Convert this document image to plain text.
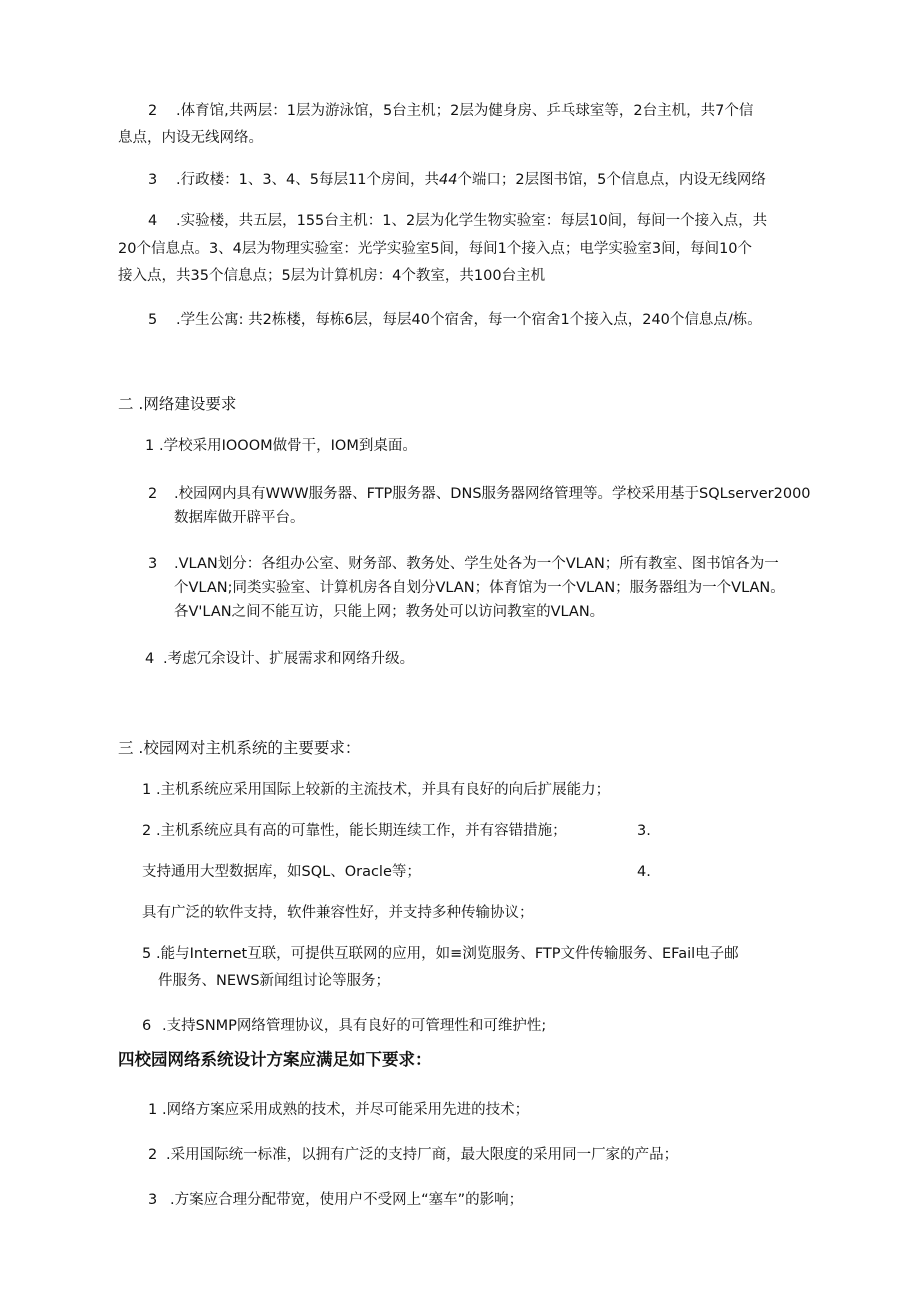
2 .体育馆,共两层：1层为游泳馆，5台主机；2层为健身房、乒乓球室等，2台主机，共7个信
息点，内设无线网络。
3 .行政楼：1、3、4、5每层11个房间，共44个端口；2层图书馆，5个信息点，内设无线网络
4 .实验楼，共五层，155台主机：1、2层为化学生物实验室：每层10间，每间一个接入点，共
20个信息点。3、4层为物理实验室：光学实验室5间，每间1个接入点；电学实验室3间，每间10个
接入点，共35个信息点；5层为计算机房：4个教室，共100台主机
5 .学生公寓: 共2栋楼，每栋6层，每层40个宿舍，每一个宿舍1个接入点，240个信息点/栋。
二 .网络建设要求
1 .学校采用IOOOM做骨干，IOM到桌面。
2 .校园网内具有WWW服务器、FTP服务器、DNS服务器网络管理等。学校采用基于SQLserver2000
数据库做开辟平台。
3 .VLAN划分：各组办公室、财务部、教务处、学生处各为一个VLAN；所有教室、图书馆各为一
个VLAN;同类实验室、计算机房各自划分VLAN；体育馆为一个VLAN；服务器组为一个VLAN。
各V'LAN之间不能互访，只能上网；教务处可以访问教室的VLAN。
4 .考虑冗余设计、扩展需求和网络升级。
三 .校园网对主机系统的主要要求：
1 .主机系统应采用国际上较新的主流技术，并具有良好的向后扩展能力；
2 .主机系统应具有高的可靠性，能长期连续工作，并有容错措施；	3.
支持通用大型数据库，如SQL、Oracle等；	4.
具有广泛的软件支持，软件兼容性好，并支持多种传输协议；
5 .能与Internet互联，可提供互联网的应用，如≡浏览服务、FTP文件传输服务、EFail电子邮
件服务、NEWS新闻组讨论等服务；
6 .支持SNMP网络管理协议，具有良好的可管理性和可维护性;
四校园网络系统设计方案应满足如下要求：
1 .网络方案应采用成熟的技术，并尽可能采用先进的技术；
2 .采用国际统一标准，以拥有广泛的支持厂商，最大限度的采用同一厂家的产品；
3 .方案应合理分配带宽，使用户不受网上“塞车”的影响；
